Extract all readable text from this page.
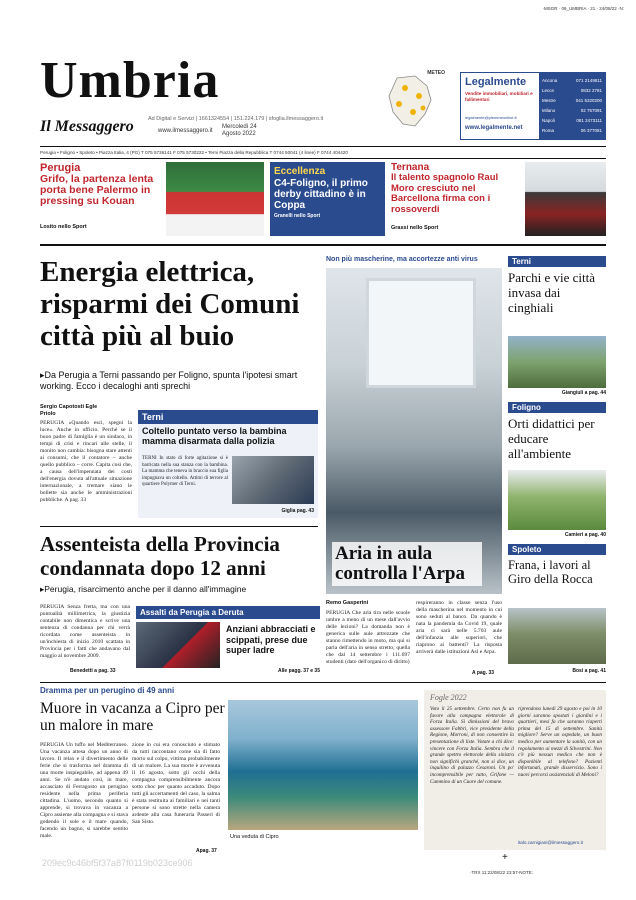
·MSGR · 06_UMBRIA · 21 · 24/08/22 ·N:
Umbria
Il Messaggero	Ad Digital e Servizi | 1661324554 | 151.224.179 | sfoglia.ilmessaggero.it
www.ilmessaggero.it
Mercoledì 24 Agosto 2022
METEO
Legalmente
Vendite immobiliari, mobiliari e fallimentari
legalmente@piemmeonline.it
www.legalmente.net
Ancona	071 2149811
Lecce	0832 2781
Mestre	041 5320200
Milano	02 757091
Napoli	081 2473111
Roma	06 377081
Perugia • Foligno • Spoleto • Piazza Italia, 4 (PG) T 075 5736141 F 075 5730222 • Terni Piazza della Repubblica T 0744 50041 (4 linee) F 0744 404420
Perugia
Grifo, la partenza lenta porta bene Palermo in pressing su Kouan
Losito nello Sport
Eccellenza
C4-Foligno, il primo derby cittadino è in Coppa
Granelli nello Sport
Ternana
Il talento spagnolo Raul Moro cresciuto nel Barcellona firma con i rossoverdi
Grassi nello Sport
Energia elettrica, risparmi dei Comuni città più al buio
▸Da Perugia a Terni passando per Foligno, spunta l'ipotesi smart working. Ecco i decaloghi anti sprechi
Sergio Capotosti Egle Priolo
PERUGIA «Quando esci, spegni la luce». Anche in ufficio. Perché se il buon padre di famiglia è un sindaco, in tempi di crisi e rincari alle stelle, il monito non cambia: bisogna stare attenti ai consumi, che il contatore – anche quello pubblico – corre. Capita così che, a causa dell'impennata dei costi dell'energia dovuta all'attuale situazione internazionale, a tremare siano le bollette sia anche le amministrazioni pubbliche. A pag. 33
Terni
Coltello puntato verso la bambina mamma disarmata dalla polizia
TERNI In stato di forte agitazione si è barricata nella sua stanza con la bambina. La mamma che teneva in braccio sua figlia impugnava un coltello. Attimi di terrore al quartiere Polymer di Terni.
Giglia pag. 43
Non più mascherine, ma accortezze anti virus
Aria in aula controlla l'Arpa
Remo Gasperini
PERUGIA Che aria tira nelle scuole umbre a meno di un mese dall'avvio delle lezioni? La domanda non è generica sulle aule attrezzate che stanno rimettendo in moto, ma qui si parla dell'aria in senso stretto, quella che dal 14 settembre i 111.697 studenti (dato dell'organico di diritto)
respireranno in classe senza l'uso della mascherina nel momento in cui sono seduti al banco. Da quando è nata la pandemia da Covid 19, quale aria ci sarà nelle 5.703 aule dell'infanzia alle superiori, che riaprono ai battenti? La risposta arriverà dalle istituzioni Asl e Arpa.
A pag. 33
Terni
Parchi e vie città invasa dai cinghiali
Giangiuli a pag. 44
Foligno
Orti didattici per educare all'ambiente
Camieri a pag. 40
Spoleto
Frana, i lavori al Giro della Rocca
Bosi a pag. 41
Assenteista della Provincia condannata dopo 12 anni
▸Perugia, risarcimento anche per il danno all'immagine
PERUGIA Senza fretta, ma con una puntualità millimetrica, la giustizia contabile non dimentica e scrive una sentenza di condanna per chi verrà ricordata come assenteista in un'inchiesta di inizio 2010 scattata in Provincia per i fatti che andavano dal maggio al novembre 2009.
Benedetti a pag. 33
Assalti da Perugia a Deruta
Anziani abbracciati e scippati, prese due super ladre
Alle pagg. 37 e 35
Dramma per un perugino di 49 anni
Muore in vacanza a Cipro per un malore in mare
PERUGIA Un tuffo nel Mediterraneo. Una vacanza attesa dopo un anno di lavoro. Il relax e il divertimento delle ferie che si trasforma nel dramma di una morte inspiegabile, ad appena 49 anni. Se n'è andato così, in mare, accasciato di Ferragosto un perugino residente nella prima periferia cittadina. L'uomo, secondo quanto si apprende, si trovava in vacanza a Cipro assieme alla compagna e si stava godendo il sole e il mare quando, facendo un bagno, si sarebbe sentito male.
zione in cui era conosciuto e stimato da tutti raccontano come sia di fatto morto sul colpo, vittima probabilmente di un malore. La sua morte è avvenuta il 16 agosto, sotto gli occhi della compagna comprensibilmente ancora sotto choc per quanto accaduto. Dopo tutti gli accertamenti del caso, la salma è stata restituita ai familiari e nei tanti persone si sono strette nella camera ardente alla casa funeraria Passeri di San Sisto.
Apag. 37
Una veduta di Cipro
Fogle 2022
Voto il 25 settembre. Certo non fu un favore alla campagna elettorale di Forza Italia. Si dimissioni del bravo assessore Fabbri, vice presidente della Regione, Morroni, di non consentire la presentazione di liste. Votate a chi dice: vincere con Forza Italia. Sembra che il grande spettro elettorale della sinistra non significhi granché, non si dice, un inquilino di palazzo Cesaroni. Un po' incomprensibile per tutto, Grifone — Cammino di un Cuore del comune.
riprendono lunedì 29 agosto e poi in 10 giorni saranno spostati i giardini e i quartieri, mesi fa che saranno riaperti prima del 15 di settembre. Sanità migliore? Serve un ospedale, un buon medico per aumentare la sanità, con un regolamento ai mezzi di Silvestrini. Non c'è più nessun medico che non è disponibile al telefono? Pazienti infortunati, grande disservizio. Sono i nuovi percorsi assistenziali di Meloni?
italo.carnigiani@ilmessaggero.it
209ec9c46bf5f37a87f0119b023ce906	+
·TRX 11:22/08/22 23:57-NOTE:
